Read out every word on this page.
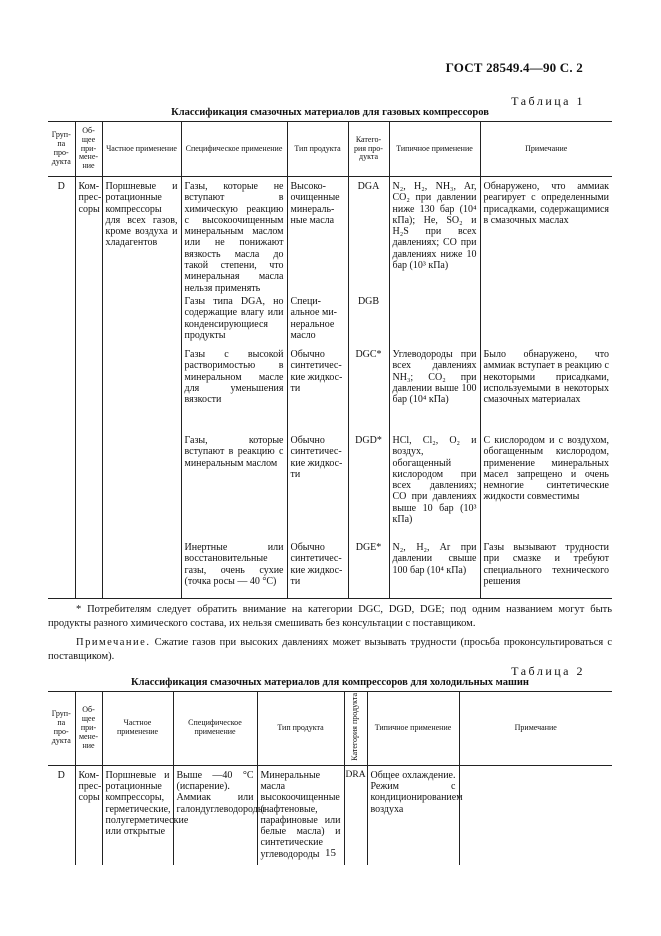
ГОСТ 28549.4—90 С. 2
Таблица 1
Классификация смазочных материалов для газовых компрессоров
Груп-па про-дукта	Об-щее при-мене-ние	Частное применение	Специфическое применение	Тип продукта	Катего-рия про-дукта	Типичное применение	Примечание
D	Ком-прес-соры	Поршневые и ротационные компрессоры для всех газов, кроме воздуха и хладагентов	Газы, которые не вступают в химическую реакцию с высокоочищенным минеральным маслом или не понижают вязкость масла до такой степени, что минеральная масла нельзя применять	Высоко-очищенные минераль-ные масла	DGA	N₂, H₂, NH₃, Ar, CO₂ при давлении ниже 130 бар (10⁴ кПа); He, SO₂ и H₂S при всех давлениях; CO при давлениях ниже 10 бар (10³ кПа)	Обнаружено, что аммиак реагирует с определенными присадками, содержащимися в смазочных маслах
			Газы типа DGA, но содержащие влагу или конденсирующиеся продукты	Специ-альное ми-неральное масло	DGB		
			Газы с высокой растворимостью в минеральном масле для уменьшения вязкости	Обычно синтетичес-кие жидкос-ти	DGC*	Углеводороды при всех давлениях NH₃; CO₂ при давлении выше 100 бар (10⁴ кПа)	Было обнаружено, что аммиак вступает в реакцию с некоторыми присадками, используемыми в некоторых смазочных материалах
			Газы, которые вступают в реакцию с минеральным маслом	Обычно синтетичес-кие жидкос-ти	DGD*	HCl, Cl₂, O₂ и воздух, обогащенный кислородом при всех давлениях; CO при давлениях выше 10 бар (10³ кПа)	С кислородом и с воздухом, обогащенным кислородом, применение минеральных масел запрещено и очень немногие синтетические жидкости совместимы
			Инертные или восстановительные газы, очень сухие (точка росы — 40 °С)	Обычно синтетичес-кие жидкос-ти	DGE*	N₂, H₂, Ar при давлении свыше 100 бар (10⁴ кПа)	Газы вызывают трудности при смазке и требуют специального технического решения
* Потребителям следует обратить внимание на категории DGC, DGD, DGE; под одним названием могут быть продукты разного химического состава, их нельзя смешивать без консультации с поставщиком.
Примечание. Сжатие газов при высоких давлениях может вызывать трудности (просьба проконсультироваться с поставщиком).
Таблица 2
Классификация смазочных материалов для компрессоров для холодильных машин
Груп-па про-дукта	Об-щее при-мене-ние	Частное применение	Специфическое применение	Тип продукта	Категория продукта	Типичное применение	Примечание
D	Ком-прес-соры	Поршневые и ротационные компрессоры, герметические, полугерметические или открытые	Выше —40 °С (испарение). Аммиак или галондуглеводороды	Минеральные масла высокоочищенные (нафтеновые, парафиновые или белые масла) и синтетические углеводороды	DRA	Общее охлаждение. Режим с кондиционированием воздуха	
15
